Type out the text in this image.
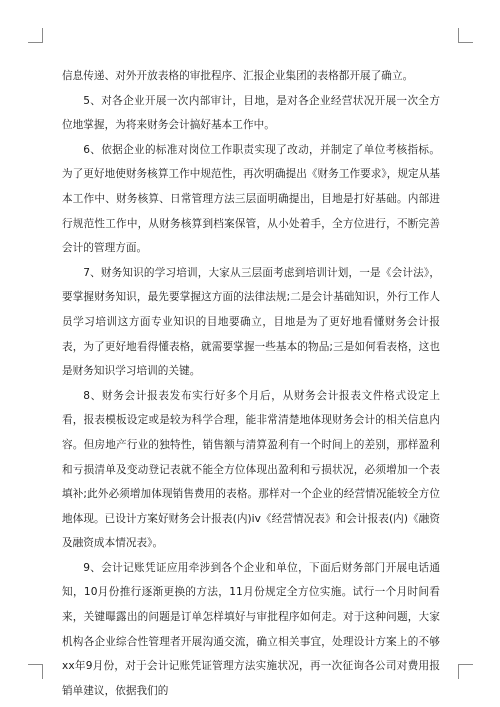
信息传递、对外开放表格的审批程序、汇报企业集团的表格都开展了确立。

5、对各企业开展一次内部审计，目地，是对各企业经营状况开展一次全方位地掌握，为将来财务会计搞好基本工作中。

6、依据企业的标准对岗位工作职责实现了改动，并制定了单位考核指标。为了更好地使财务核算工作中规范性，再次明确提出《财务工作要求》，规定从基本工作中、财务核算、日常管理方法三层面明确提出，目地是打好基础。内部进行规范性工作中，从财务核算到档案保管，从小处着手，全方位进行，不断完善会计的管理方面。

7、财务知识的学习培训，大家从三层面考虑到培训计划，一是《会计法》，要掌握财务知识，最先要掌握这方面的法律法规;二是会计基础知识，外行工作人员学习培训这方面专业知识的目地要确立，目地是为了更好地看懂财务会计报表，为了更好地看得懂表格，就需要掌握一些基本的物品;三是如何看表格，这也是财务知识学习培训的关键。

8、财务会计报表发布实行好多个月后，从财务会计报表文件格式设定上看，报表模板设定或是较为科学合理，能非常清楚地体现财务会计的相关信息内容。但房地产行业的独特性，销售额与清算盈利有一个时间上的差别，那样盈利和亏损清单及变动登记表就不能全方位体现出盈利和亏损状况，必须增加一个表填补;此外必须增加体现销售费用的表格。那样对一个企业的经营情况能较全方位地体现。已设计方案好财务会计报表(内)iv《经营情况表》和会计报表(内)《融资及融资成本情况表》。

9、会计记账凭证应用牵涉到各个企业和单位，下面后财务部门开展电话通知，10月份推行逐渐更换的方法，11月份规定全方位实施。试行一个月时间看来，关键曝露出的问题是订单怎样填好与审批程序如何走。对于这种问题，大家机构各企业综合性管理者开展沟通交流，确立相关事宜，处理设计方案上的不够xx年9月份，对于会计记账凭证管理方法实施状况，再一次征询各公司对费用报销单建议，依据我们的
